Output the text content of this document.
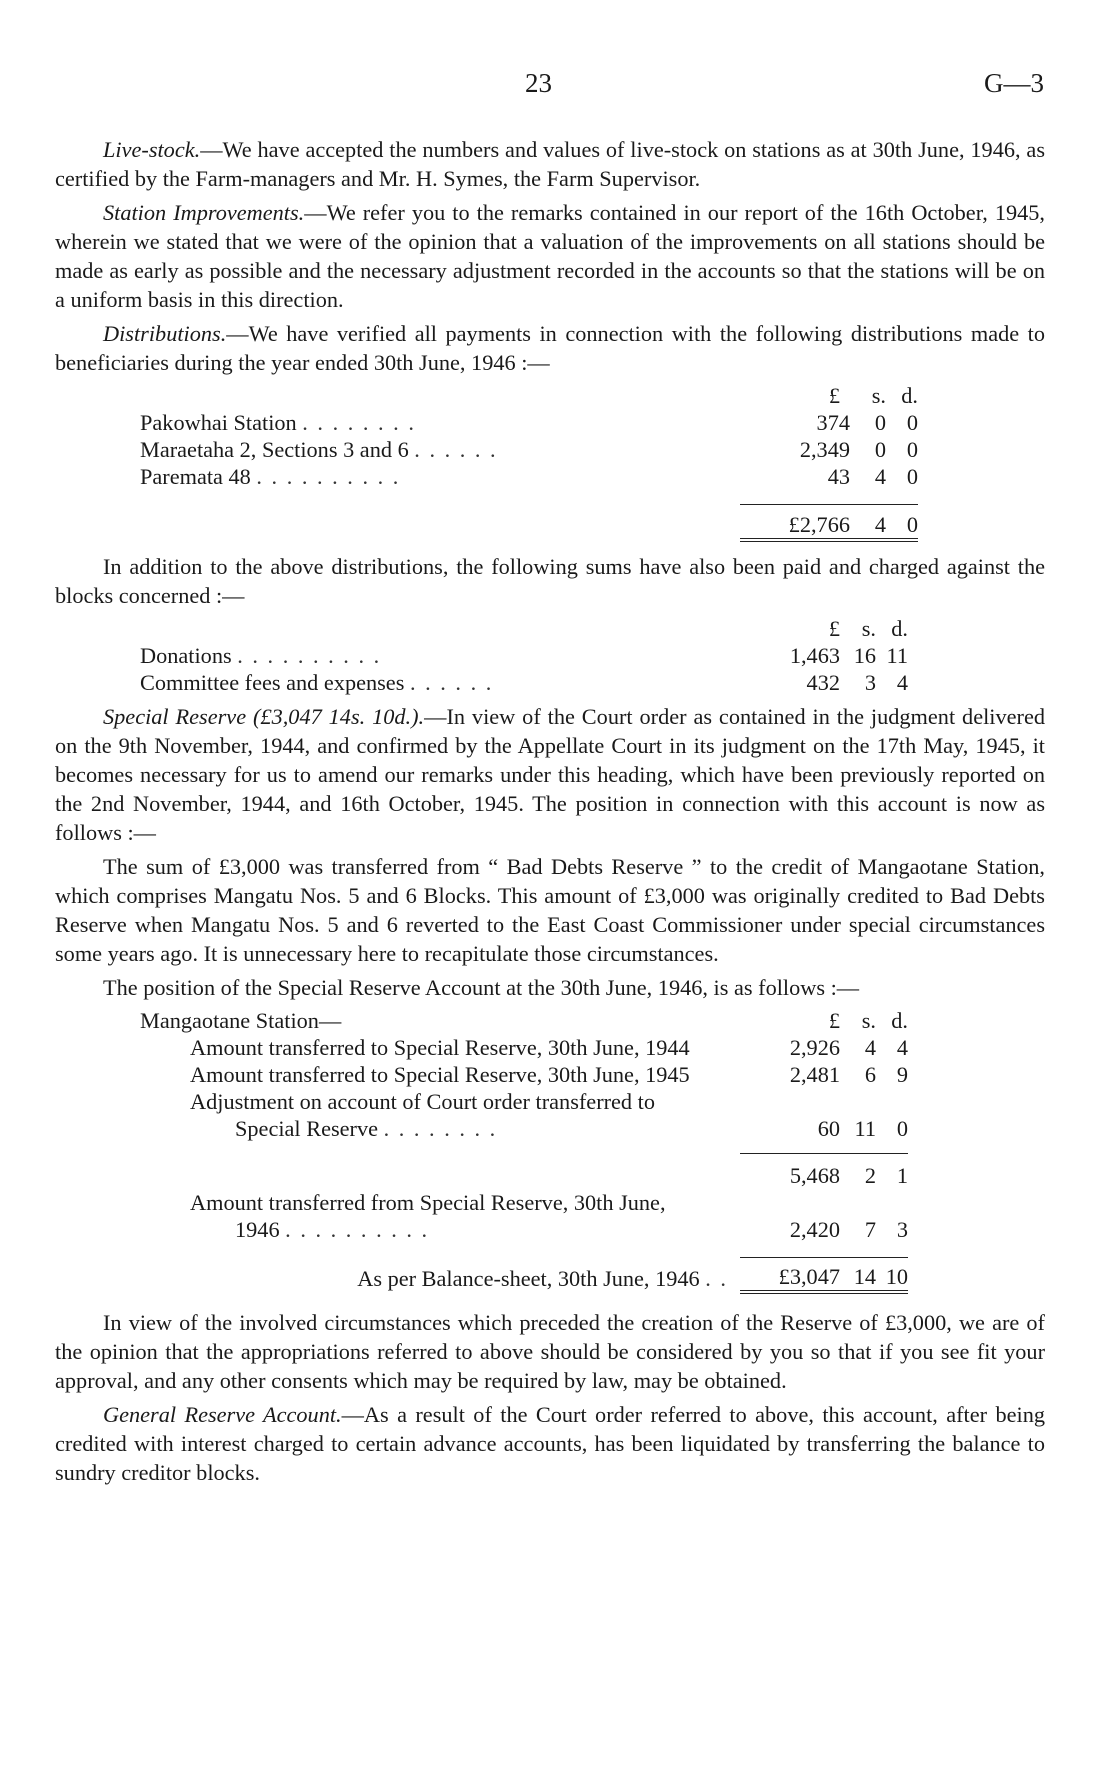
23	G—3

Live-stock.—We have accepted the numbers and values of live-stock on stations as at 30th June, 1946, as certified by the Farm-managers and Mr. H. Symes, the Farm Supervisor.

Station Improvements.—We refer you to the remarks contained in our report of the 16th October, 1945, wherein we stated that we were of the opinion that a valuation of the improvements on all stations should be made as early as possible and the necessary adjustment recorded in the accounts so that the stations will be on a uniform basis in this direction.

Distributions.—We have verified all payments in connection with the following distributions made to beneficiaries during the year ended 30th June, 1946 :—

	£	s.	d.
Pakowhai Station . . . . . . . .	374	0	0
Maraetaha 2, Sections 3 and 6 . . . . . .	2,349	0	0
Paremata 48 . . . . . . . . . .	43	4	0

	£2,766	4	0

In addition to the above distributions, the following sums have also been paid and charged against the blocks concerned :—

	£	s.	d.
Donations . . . . . . . . . .	1,463	16	11
Committee fees and expenses . . . . . .	432	3	4

Special Reserve (£3,047 14s. 10d.).—In view of the Court order as contained in the judgment delivered on the 9th November, 1944, and confirmed by the Appellate Court in its judgment on the 17th May, 1945, it becomes necessary for us to amend our remarks under this heading, which have been previously reported on the 2nd November, 1944, and 16th October, 1945. The position in connection with this account is now as follows :—

The sum of £3,000 was transferred from “ Bad Debts Reserve ” to the credit of Mangaotane Station, which comprises Mangatu Nos. 5 and 6 Blocks. This amount of £3,000 was originally credited to Bad Debts Reserve when Mangatu Nos. 5 and 6 reverted to the East Coast Commissioner under special circumstances some years ago. It is unnecessary here to recapitulate those circumstances.

The position of the Special Reserve Account at the 30th June, 1946, is as follows :—

Mangaotane Station—	£	s.	d.
Amount transferred to Special Reserve, 30th June, 1944	2,926	4	4
Amount transferred to Special Reserve, 30th June, 1945	2,481	6	9
Adjustment on account of Court order transferred to			
Special Reserve . . . . . . . .	60	11	0

	5,468	2	1
Amount transferred from Special Reserve, 30th June,			
1946 . . . . . . . . . .	2,420	7	3

As per Balance-sheet, 30th June, 1946 . .	£3,047	14	10

In view of the involved circumstances which preceded the creation of the Reserve of £3,000, we are of the opinion that the appropriations referred to above should be considered by you so that if you see fit your approval, and any other consents which may be required by law, may be obtained.

General Reserve Account.—As a result of the Court order referred to above, this account, after being credited with interest charged to certain advance accounts, has been liquidated by transferring the balance to sundry creditor blocks.
